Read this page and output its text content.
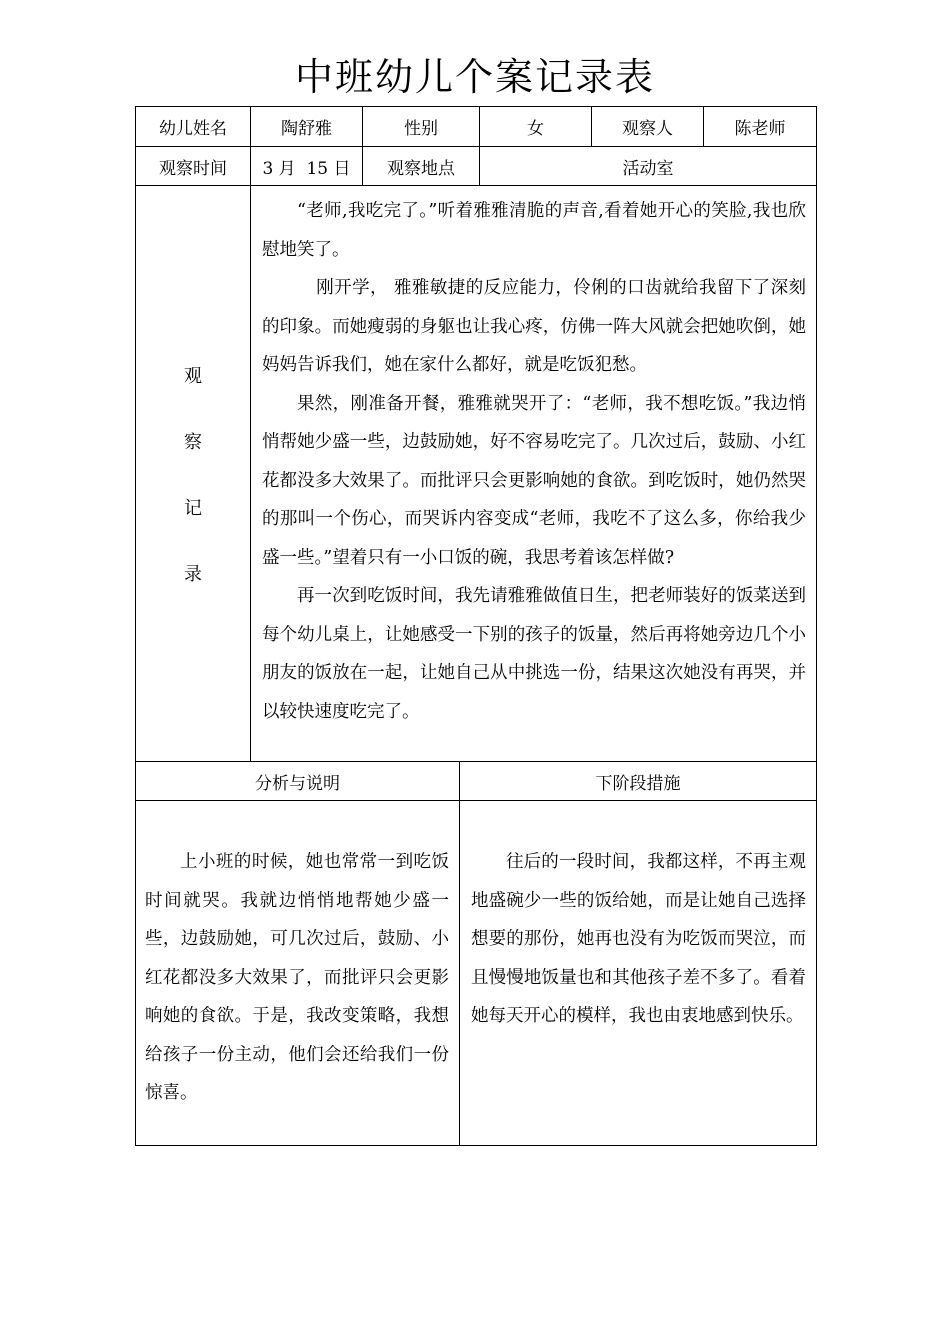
中班幼儿个案记录表
幼儿姓名	陶舒雅	性别	女	观察人	陈老师
观察时间	3 月  15 日	观察地点	活动室
观
察
记
录

“老师,我吃完了。”听着雅雅清脆的声音,看着她开心的笑脸,我也欣慰地笑了。

刚开学， 雅雅敏捷的反应能力，伶俐的口齿就给我留下了深刻的印象。而她瘦弱的身躯也让我心疼，仿佛一阵大风就会把她吹倒，她妈妈告诉我们，她在家什么都好，就是吃饭犯愁。

果然，刚准备开餐，雅雅就哭开了：“老师，我不想吃饭。”我边悄悄帮她少盛一些，边鼓励她，好不容易吃完了。几次过后，鼓励、小红花都没多大效果了。而批评只会更影响她的食欲。到吃饭时，她仍然哭的那叫一个伤心，而哭诉内容变成“老师，我吃不了这么多，你给我少盛一些。”望着只有一小口饭的碗，我思考着该怎样做?

再一次到吃饭时间，我先请雅雅做值日生，把老师装好的饭菜送到每个幼儿桌上，让她感受一下别的孩子的饭量，然后再将她旁边几个小朋友的饭放在一起，让她自己从中挑选一份，结果这次她没有再哭，并以较快速度吃完了。

分析与说明	下阶段措施

上小班的时候，她也常常一到吃饭时间就哭。我就边悄悄地帮她少盛一些，边鼓励她，可几次过后，鼓励、小红花都没多大效果了，而批评只会更影响她的食欲。于是，我改变策略，我想给孩子一份主动，他们会还给我们一份惊喜。

往后的一段时间，我都这样，不再主观地盛碗少一些的饭给她，而是让她自己选择想要的那份，她再也没有为吃饭而哭泣，而且慢慢地饭量也和其他孩子差不多了。看着她每天开心的模样，我也由衷地感到快乐。
